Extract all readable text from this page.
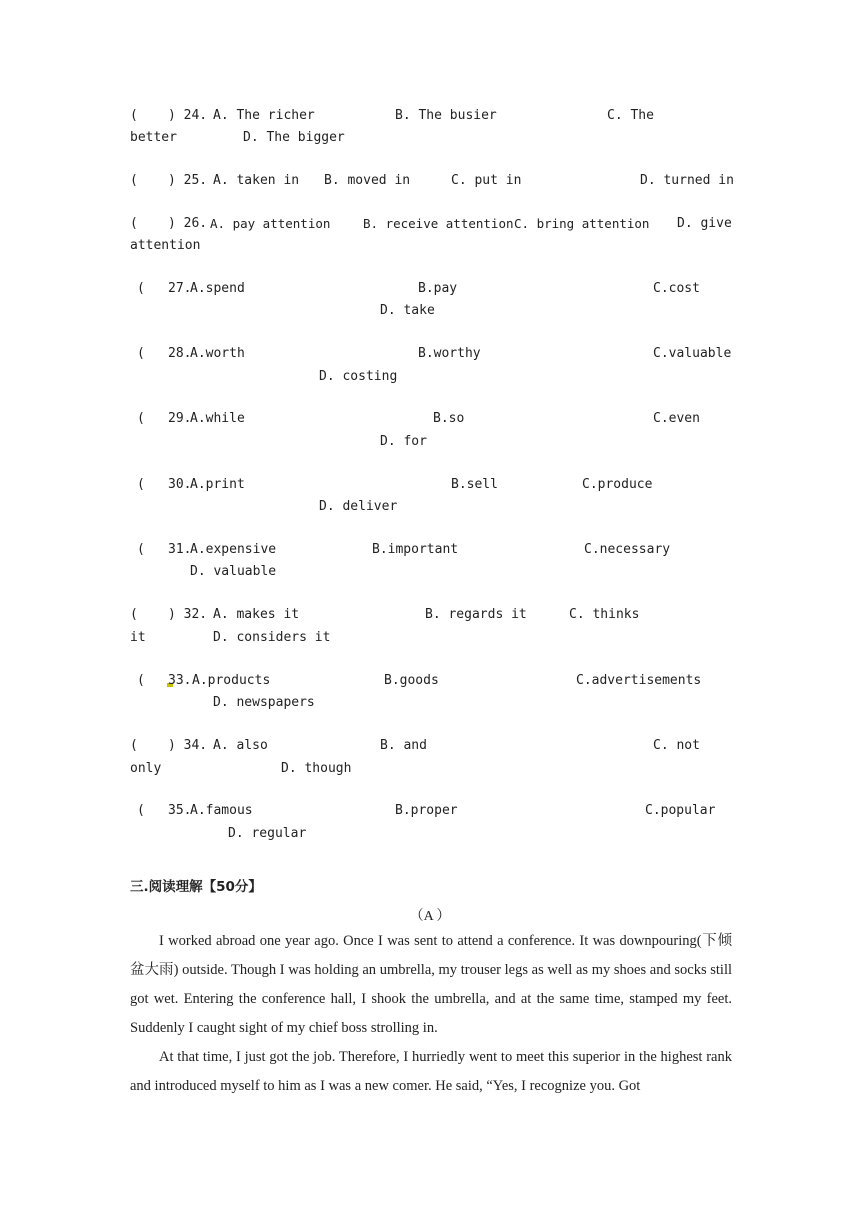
( ) 24. A. The richer	B. The busier	C. The
better	D. The bigger
( ) 25. A. taken in B. moved in	C. put in	D. turned in
( ) 26. A. pay attention	B. receive attention C. bring attention D. give
attention
( 27.
A.spend	B.pay	C.cost
D. take
( 28.
A.worth	B.worthy	C.valuable
D. costing
( 29.
A.while	B.so	C.even
D. for
( 30.
A.print	B.sell	C.produce
D. deliver
( 31.
A.expensive	B.important	C.necessary
D. valuable
( ) 32. A. makes it	B. regards it	C. thinks
it	D. considers it
( 33. A.products	B.goods	C.advertisements
D. newspapers
( ) 34. A. also	B. and	C. not
only	D. though
( 35.
A.famous	B.proper	C.popular
D. regular
三.阅读理解【50分】
（A ）

I worked abroad one year ago. Once I was sent to attend a conference. It was downpouring(下倾盆大雨) outside. Though I was holding an umbrella, my trouser legs as well as my shoes and socks still got wet. Entering the conference hall, I shook the umbrella, and at the same time, stamped my feet. Suddenly I caught sight of my chief boss strolling in.

At that time, I just got the job. Therefore, I hurriedly went to meet this superior in the highest rank and introduced myself to him as I was a new comer. He said, “Yes, I recognize you. Got
